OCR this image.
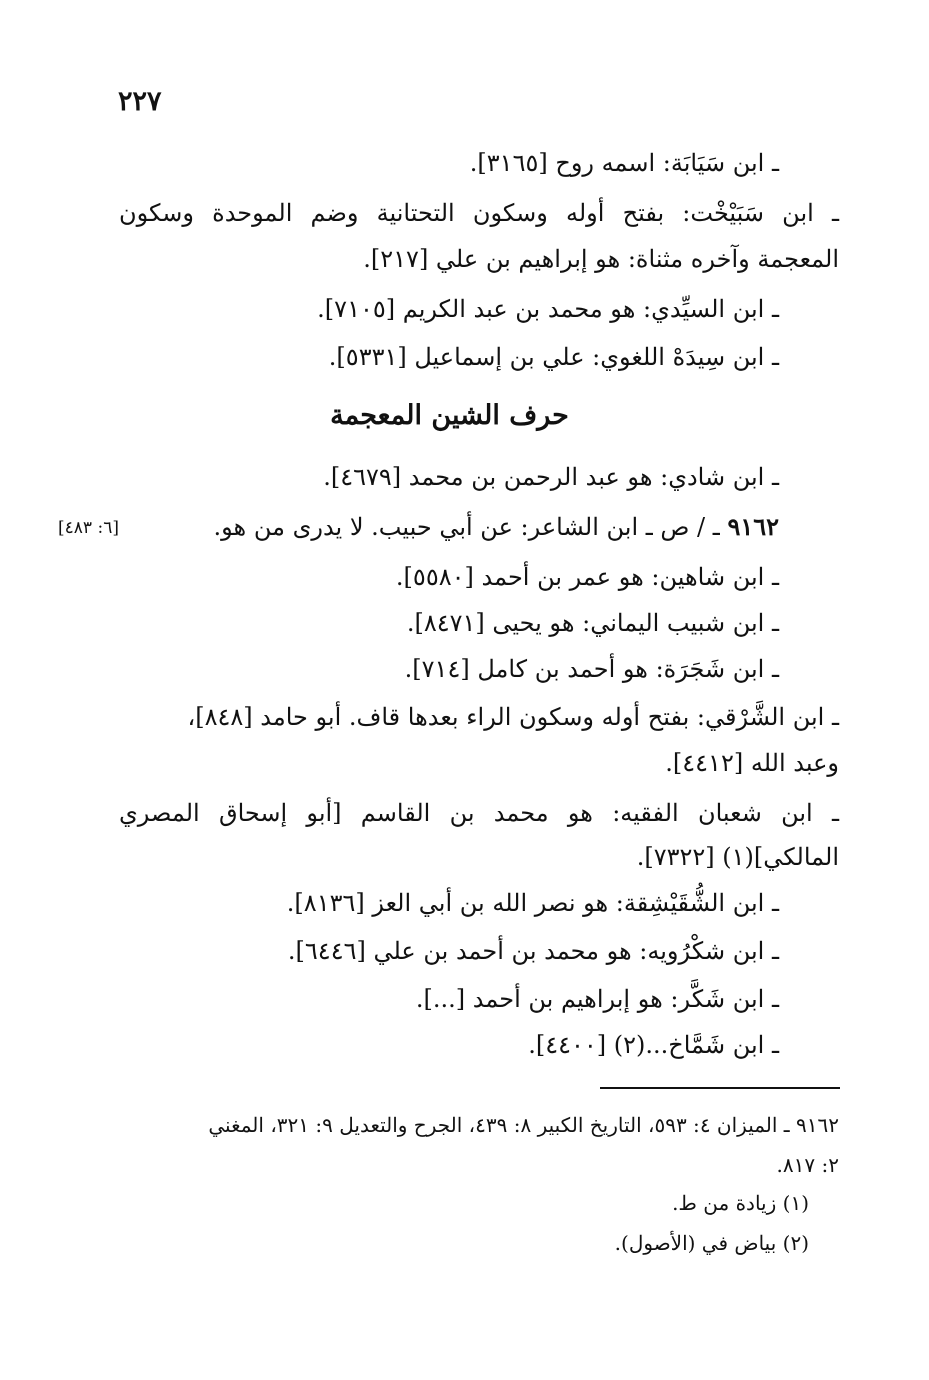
٢٢٧
ـ ابن سَيَابَة: اسمه روح [٣١٦٥].
ـ ابن سَبَيْخْت: بفتح أوله وسكون التحتانية وضم الموحدة وسكون
المعجمة وآخره مثناة: هو إبراهيم بن علي [٢١٧].
ـ ابن السيِّدي: هو محمد بن عبد الكريم [٧١٠٥].
ـ ابن سِيدَهْ اللغوي: علي بن إسماعيل [٥٣٣١].
حرف الشين المعجمة
ـ ابن شادي: هو عبد الرحمن بن محمد [٤٦٧٩].
٩١٦٢ ـ / ص ـ ابن الشاعر: عن أبي حبيب. لا يدرى من هو.
[٦: ٤٨٣]
ـ ابن شاهين: هو عمر بن أحمد [٥٥٨٠].
ـ ابن شبيب اليماني: هو يحيى [٨٤٧١].
ـ ابن شَجَرَة: هو أحمد بن كامل [٧١٤].
ـ ابن الشَّرْقي: بفتح أوله وسكون الراء بعدها قاف. أبو حامد [٨٤٨]،
وعبد الله [٤٤١٢].
ـ ابن شعبان الفقيه: هو محمد بن القاسم [أبو إسحاق المصري
المالكي](١) [٧٣٢٢].
ـ ابن الشُّقَيْشِقة: هو نصر الله بن أبي العز [٨١٣٦].
ـ ابن شكْرُويه: هو محمد بن أحمد بن علي [٦٤٤٦].
ـ ابن شَكَّر: هو إبراهيم بن أحمد [...].
ـ ابن شَمَّاخ...(٢) [٤٤٠٠].
٩١٦٢ ـ الميزان ٤: ٥٩٣، التاريخ الكبير ٨: ٤٣٩، الجرح والتعديل ٩: ٣٢١، المغني
٢: ٨١٧.
(١) زيادة من ط.
(٢) بياض في (الأصول).
